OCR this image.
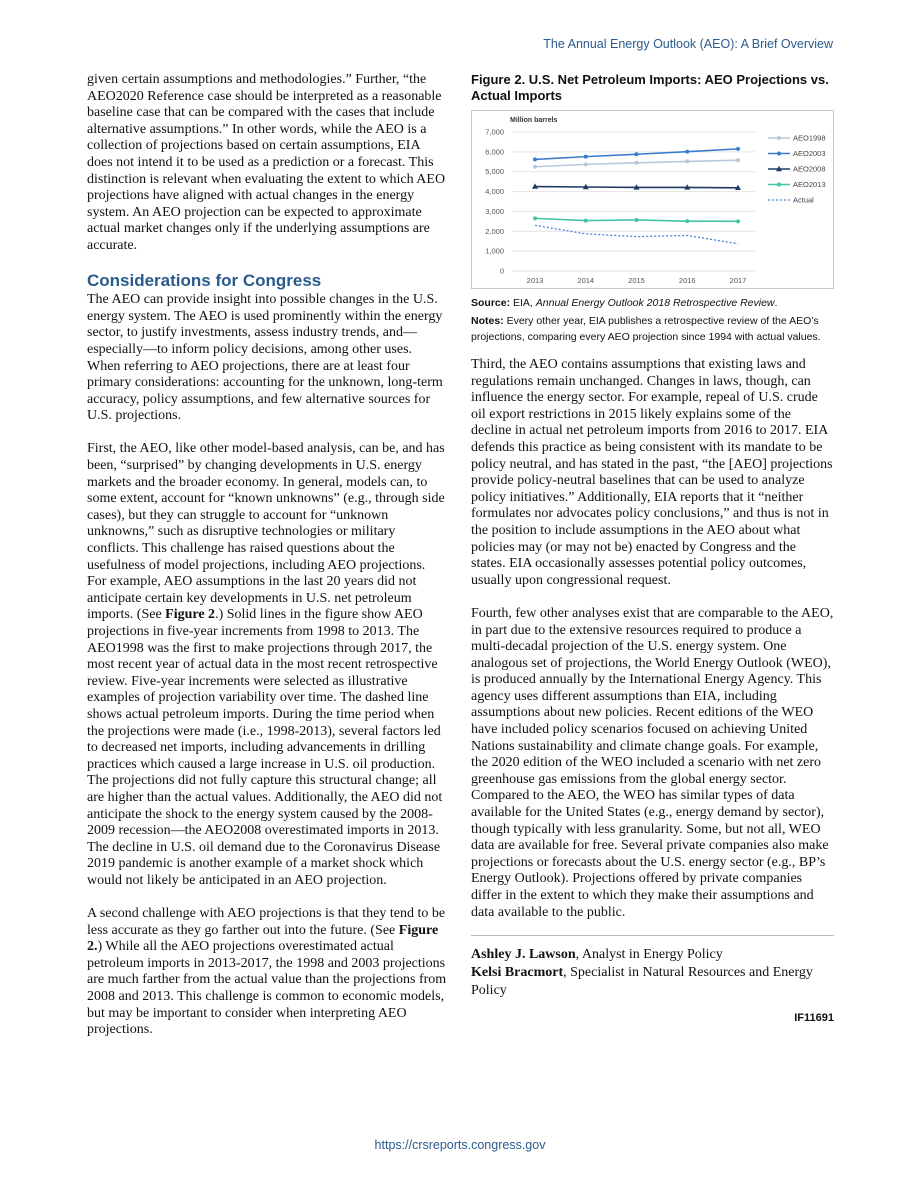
The Annual Energy Outlook (AEO): A Brief Overview

given certain assumptions and methodologies.” Further, “the AEO2020 Reference case should be interpreted as a reasonable baseline case that can be compared with the cases that include alternative assumptions.” In other words, while the AEO is a collection of projections based on certain assumptions, EIA does not intend it to be used as a prediction or a forecast. This distinction is relevant when evaluating the extent to which AEO projections have aligned with actual changes in the energy system. An AEO projection can be expected to approximate actual market changes only if the underlying assumptions are accurate.

Considerations for Congress

The AEO can provide insight into possible changes in the U.S. energy system. The AEO is used prominently within the energy sector, to justify investments, assess industry trends, and—especially—to inform policy decisions, among other uses. When referring to AEO projections, there are at least four primary considerations: accounting for the unknown, long-term accuracy, policy assumptions, and few alternative sources for U.S. projections.

First, the AEO, like other model-based analysis, can be, and has been, “surprised” by changing developments in U.S. energy markets and the broader economy. In general, models can, to some extent, account for “known unknowns” (e.g., through side cases), but they can struggle to account for “unknown unknowns,” such as disruptive technologies or military conflicts. This challenge has raised questions about the usefulness of model projections, including AEO projections. For example, AEO assumptions in the last 20 years did not anticipate certain key developments in U.S. net petroleum imports. (See Figure 2.) Solid lines in the figure show AEO projections in five-year increments from 1998 to 2013. The AEO1998 was the first to make projections through 2017, the most recent year of actual data in the most recent retrospective review. Five-year increments were selected as illustrative examples of projection variability over time. The dashed line shows actual petroleum imports. During the time period when the projections were made (i.e., 1998-2013), several factors led to decreased net imports, including advancements in drilling practices which caused a large increase in U.S. oil production. The projections did not fully capture this structural change; all are higher than the actual values. Additionally, the AEO did not anticipate the shock to the energy system caused by the 2008-2009 recession—the AEO2008 overestimated imports in 2013. The decline in U.S. oil demand due to the Coronavirus Disease 2019 pandemic is another example of a market shock which would not likely be anticipated in an AEO projection.

A second challenge with AEO projections is that they tend to be less accurate as they go farther out into the future. (See Figure 2.) While all the AEO projections overestimated actual petroleum imports in 2013-2017, the 1998 and 2003 projections are much farther from the actual value than the projections from 2008 and 2013. This challenge is common to economic models, but may be important to consider when interpreting AEO projections.

Figure 2. U.S. Net Petroleum Imports: AEO Projections vs. Actual Imports
Million barrels
0
1,000
2,000
3,000
4,000
5,000
6,000
7,000
2013	2014	2015	2016	2017
AEO1998
AEO2003
AEO2008
AEO2013
Actual
Source: EIA, Annual Energy Outlook 2018 Retrospective Review.
Notes: Every other year, EIA publishes a retrospective review of the AEO’s projections, comparing every AEO projection since 1994 with actual values.

Third, the AEO contains assumptions that existing laws and regulations remain unchanged. Changes in laws, though, can influence the energy sector. For example, repeal of U.S. crude oil export restrictions in 2015 likely explains some of the decline in actual net petroleum imports from 2016 to 2017. EIA defends this practice as being consistent with its mandate to be policy neutral, and has stated in the past, “the [AEO] projections provide policy-neutral baselines that can be used to analyze policy initiatives.” Additionally, EIA reports that it “neither formulates nor advocates policy conclusions,” and thus is not in the position to include assumptions in the AEO about what policies may (or may not be) enacted by Congress and the states. EIA occasionally assesses potential policy outcomes, usually upon congressional request.

Fourth, few other analyses exist that are comparable to the AEO, in part due to the extensive resources required to produce a multi-decadal projection of the U.S. energy system. One analogous set of projections, the World Energy Outlook (WEO), is produced annually by the International Energy Agency. This agency uses different assumptions than EIA, including assumptions about new policies. Recent editions of the WEO have included policy scenarios focused on achieving United Nations sustainability and climate change goals. For example, the 2020 edition of the WEO included a scenario with net zero greenhouse gas emissions from the global energy sector. Compared to the AEO, the WEO has similar types of data available for the United States (e.g., energy demand by sector), though typically with less granularity. Some, but not all, WEO data are available for free. Several private companies also make projections or forecasts about the U.S. energy sector (e.g., BP’s Energy Outlook). Projections offered by private companies differ in the extent to which they make their assumptions and data available to the public.

Ashley J. Lawson, Analyst in Energy Policy
Kelsi Bracmort, Specialist in Natural Resources and Energy Policy
IF11691
https://crsreports.congress.gov
